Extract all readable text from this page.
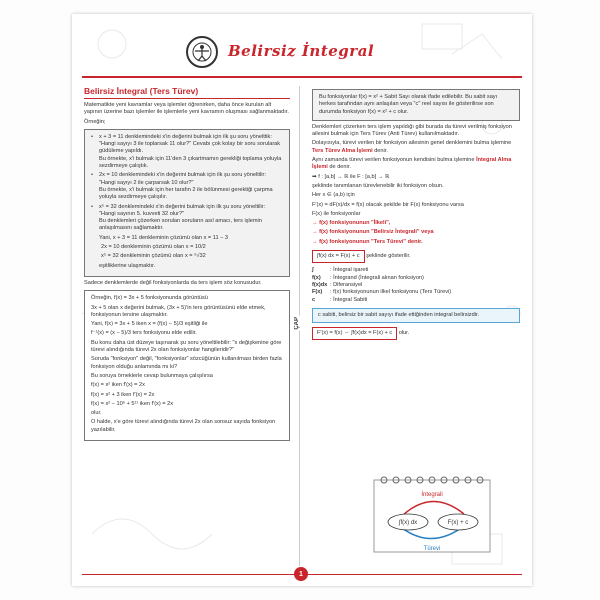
Belirsiz İntegral
Belirsiz İntegral (Ters Türev)

Matematikte yeni kavramlar veya işlemler öğrenirken, daha önce kurulan alt yapının üzerine bazı işlemler ile işlemlerle yeni kavramın oluşması sağlanmaktadır.

Örneğin;

• x + 3 = 11 denklemindeki x'in değerini bulmak için ilk şu soru yönelttik: "Hangi sayıyı 3 ile toplarsak 11 olur?" Cevabı çok kolay bir soru sorularak güdüleme yapıldı.
Bu örnekte, x'i bulmak için 11'den 3 çıkartmamın gerekliği toplama yoluyla sezdirmeye çalıştık.
• 2x = 10 denklemindeki x'in değerini bulmak için ilk şu soru yöneltilir: "Hangi sayıyı 2 ile çarparsak 10 olur?"
Bu örnekte, x'i bulmak için her tarafın 2 ile bölünmesi gerektiği çarpma yoluyla sezdirmeye çalışılır.
• x⁵ = 32 denklemindeki x'in değerini bulmak için ilk şu soru yöneltilir: "Hangi sayının 5. kuvveti 32 olur?"
Bu denklemleri çözerken sorulan soruların asıl amacı, ters işlemin anlaşılmasını sağlamaktır.
Yani, x + 3 = 11 denkleminin çözümü olan x = 11 − 3
2x = 10 denkleminin çözümü olan x = 10/2
x⁵ = 32 denkleminin çözümü olan x = ⁵√32
eşitliklerine ulaşmaktır.

Sadece denklemlerde değil fonksiyonlarda da ters işlem söz konusudur.

Örneğin, f(x) = 3x + 5 fonksiyonunda görüntüsü
3x + 5 olan x değerini bulmak, (3x + 5)'in ters görüntüsünü elde etmek, fonksiyonun tersine ulaşmaktır.
Yani, f(x) = 3x + 5 iken x = (f(x) − 5)/3 eşitliği ile
f⁻¹(x) = (x − 5)/3 ters fonksiyonu elde edilir.
Bu konu daha üst düzeye taşınarak şu soru yöneltilebilir: "x değişkenine göre türevi alındığında türevi 2x olan fonksiyonlar hangileridir?"
Soruda "fonksiyon" değil, "fonksiyonlar" sözcüğünün kullanılması birden fazla fonksiyon olduğu anlamında mı ki?
Bu soruya örneklerle cevap bulunmaya çalışılırsa
f(x) = x² iken f′(x) = 2x
f(x) = x² + 3 iken f′(x) = 2x
f(x) = x² − 10⁶ + 5¹¹ iken f′(x) = 2x
olur.
O halde, x'e göre türevi alındığında türevi 2x olan sonsuz sayıda fonksiyon yazılabilir.
Bu fonksiyonlar f(x) = x² + Sabit Sayı olarak ifade edilebilir. Bu sabit sayı herkes tarafından aynı anlaşılan veya "c" reel sayısı ile gösterilirse son durumda fonksiyon f(x) = x² + c olur.

Denklemleri çözerken ters işlem yapıldığı gibi burada da türevi verilmiş fonksiyon ailesini bulmak için Ters Türev (Anti Türev) kullanılmaktadır.

Dolayısıyla, türevi verilen bir fonksiyon ailesinin genel denklemini bulma işlemine Ters Türev Alma İşlemi denir.

Aynı zamanda türevi verilen fonksiyonun kendisini bulma işlemine İntegral Alma İşlemi de denir.

➡ f : [a,b] → ℝ ile F : [a,b] → ℝ

şeklinde tanımlanan türevlenebilir iki fonksiyon olsun.

Her x ∈ (a,b) için

F′(x) = dF(x)/dx = f(x) olacak şekilde bir F(x) fonksiyonu varsa

F(x) ile fonksiyonlar
→ f(x) fonksiyonunun "İlkeli",
→ f(x) fonksiyonunun "Belirsiz İntegrali" veya
→ f(x) fonksiyonunun "Ters Türevi" denir.
∫f(x) dx = F(x) + c şeklinde gösterilir.
∫	: İntegral işareti
f(x)	: İntegrand (İntegrali alınan fonksiyon)
f(x)dx : Diferansiyel
F(x)	: f(x) fonksiyonunun ilkel fonksiyonu (Ters Türevi)
c	: İntegral Sabiti
c sabiti, belirsiz bir sabit sayıyı ifade ettiğinden integral belirsizdir.
F′(x) = f(x) ⇔ ∫f(x)dx = F(x) + c olur.
ÇAP
İntegrali
∫f(x) dx	F(x) + c
Türevi
1
